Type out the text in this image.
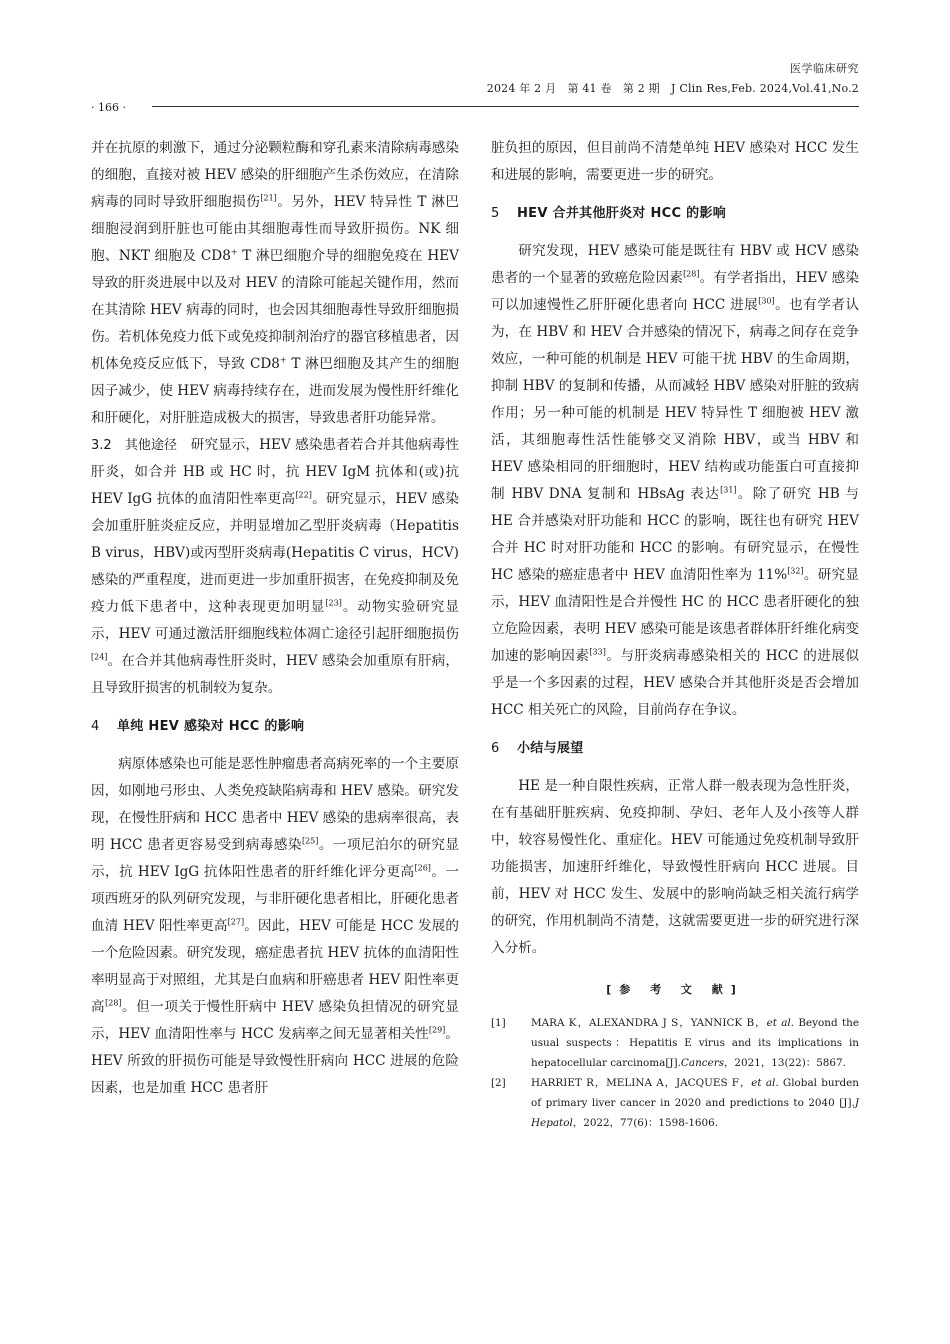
医学临床研究
2024 年 2 月　第 41 卷　第 2 期　J Clin Res,Feb. 2024,Vol.41,No.2
· 166 ·

并在抗原的刺激下，通过分泌颗粒酶和穿孔素来清除病毒感染的细胞，直接对被 HEV 感染的肝细胞产生杀伤效应，在清除病毒的同时导致肝细胞损伤[21]。另外，HEV 特异性 T 淋巴细胞浸润到肝脏也可能由其细胞毒性而导致肝损伤。NK 细胞、NKT 细胞及 CD8+ T 淋巴细胞介导的细胞免疫在 HEV 导致的肝炎进展中以及对 HEV 的清除可能起关键作用，然而在其清除 HEV 病毒的同时，也会因其细胞毒性导致肝细胞损伤。若机体免疫力低下或免疫抑制剂治疗的器官移植患者，因机体免疫反应低下，导致 CD8+ T 淋巴细胞及其产生的细胞因子减少，使 HEV 病毒持续存在，进而发展为慢性肝纤维化和肝硬化，对肝脏造成极大的损害，导致患者肝功能异常。

3.2　其他途径　研究显示，HEV 感染患者若合并其他病毒性肝炎，如合并 HB 或 HC 时，抗 HEV IgM 抗体和(或)抗 HEV IgG 抗体的血清阳性率更高[22]。研究显示，HEV 感染会加重肝脏炎症反应，并明显增加乙型肝炎病毒（Hepatitis B virus，HBV)或丙型肝炎病毒(Hepatitis C virus，HCV)感染的严重程度，进而更进一步加重肝损害，在免疫抑制及免疫力低下患者中，这种表现更加明显[23]。动物实验研究显示，HEV 可通过激活肝细胞线粒体凋亡途径引起肝细胞损伤[24]。在合并其他病毒性肝炎时，HEV 感染会加重原有肝病，且导致肝损害的机制较为复杂。

4 单纯 HEV 感染对 HCC 的影响

病原体感染也可能是恶性肿瘤患者高病死率的一个主要原因，如刚地弓形虫、人类免疫缺陷病毒和 HEV 感染。研究发现，在慢性肝病和 HCC 患者中 HEV 感染的患病率很高，表明 HCC 患者更容易受到病毒感染[25]。一项尼泊尔的研究显示，抗 HEV IgG 抗体阳性患者的肝纤维化评分更高[26]。一项西班牙的队列研究发现，与非肝硬化患者相比，肝硬化患者血清 HEV 阳性率更高[27]。因此，HEV 可能是 HCC 发展的一个危险因素。研究发现，癌症患者抗 HEV 抗体的血清阳性率明显高于对照组，尤其是白血病和肝癌患者 HEV 阳性率更高[28]。但一项关于慢性肝病中 HEV 感染负担情况的研究显示，HEV 血清阳性率与 HCC 发病率之间无显著相关性[29]。HEV 所致的肝损伤可能是导致慢性肝病向 HCC 进展的危险因素，也是加重 HCC 患者肝

脏负担的原因，但目前尚不清楚单纯 HEV 感染对 HCC 发生和进展的影响，需要更进一步的研究。

5 HEV 合并其他肝炎对 HCC 的影响

研究发现，HEV 感染可能是既往有 HBV 或 HCV 感染患者的一个显著的致癌危险因素[28]。有学者指出，HEV 感染可以加速慢性乙肝肝硬化患者向 HCC 进展[30]。也有学者认为，在 HBV 和 HEV 合并感染的情况下，病毒之间存在竞争效应，一种可能的机制是 HEV 可能干扰 HBV 的生命周期，抑制 HBV 的复制和传播，从而减轻 HBV 感染对肝脏的致病作用；另一种可能的机制是 HEV 特异性 T 细胞被 HEV 激活，其细胞毒性活性能够交叉消除 HBV，或当 HBV 和 HEV 感染相同的肝细胞时，HEV 结构或功能蛋白可直接抑制 HBV DNA 复制和 HBsAg 表达[31]。除了研究 HB 与 HE 合并感染对肝功能和 HCC 的影响，既往也有研究 HEV 合并 HC 时对肝功能和 HCC 的影响。有研究显示，在慢性 HC 感染的癌症患者中 HEV 血清阳性率为 11%[32]。研究显示，HEV 血清阳性是合并慢性 HC 的 HCC 患者肝硬化的独立危险因素，表明 HEV 感染可能是该患者群体肝纤维化病变加速的影响因素[33]。与肝炎病毒感染相关的 HCC 的进展似乎是一个多因素的过程，HEV 感染合并其他肝炎是否会增加 HCC 相关死亡的风险，目前尚存在争议。

6 小结与展望

HE 是一种自限性疾病，正常人群一般表现为急性肝炎，在有基础肝脏疾病、免疫抑制、孕妇、老年人及小孩等人群中，较容易慢性化、重症化。HEV 可能通过免疫机制导致肝功能损害，加速肝纤维化，导致慢性肝病向 HCC 进展。目前，HEV 对 HCC 发生、发展中的影响尚缺乏相关流行病学的研究，作用机制尚不清楚，这就需要更进一步的研究进行深入分析。

[参 考 文 献]

[1]	MARA K，ALEXANDRA J S，YANNICK B，et al. Beyond the usual suspects：Hepatitis E virus and its implications in hepatocellular carcinoma[J].Cancers，2021，13(22)：5867.
[2]	HARRIET R，MELINA A，JACQUES F，et al. Global burden of primary liver cancer in 2020 and predictions to 2040 [J].J Hepatol，2022，77(6)：1598-1606.
